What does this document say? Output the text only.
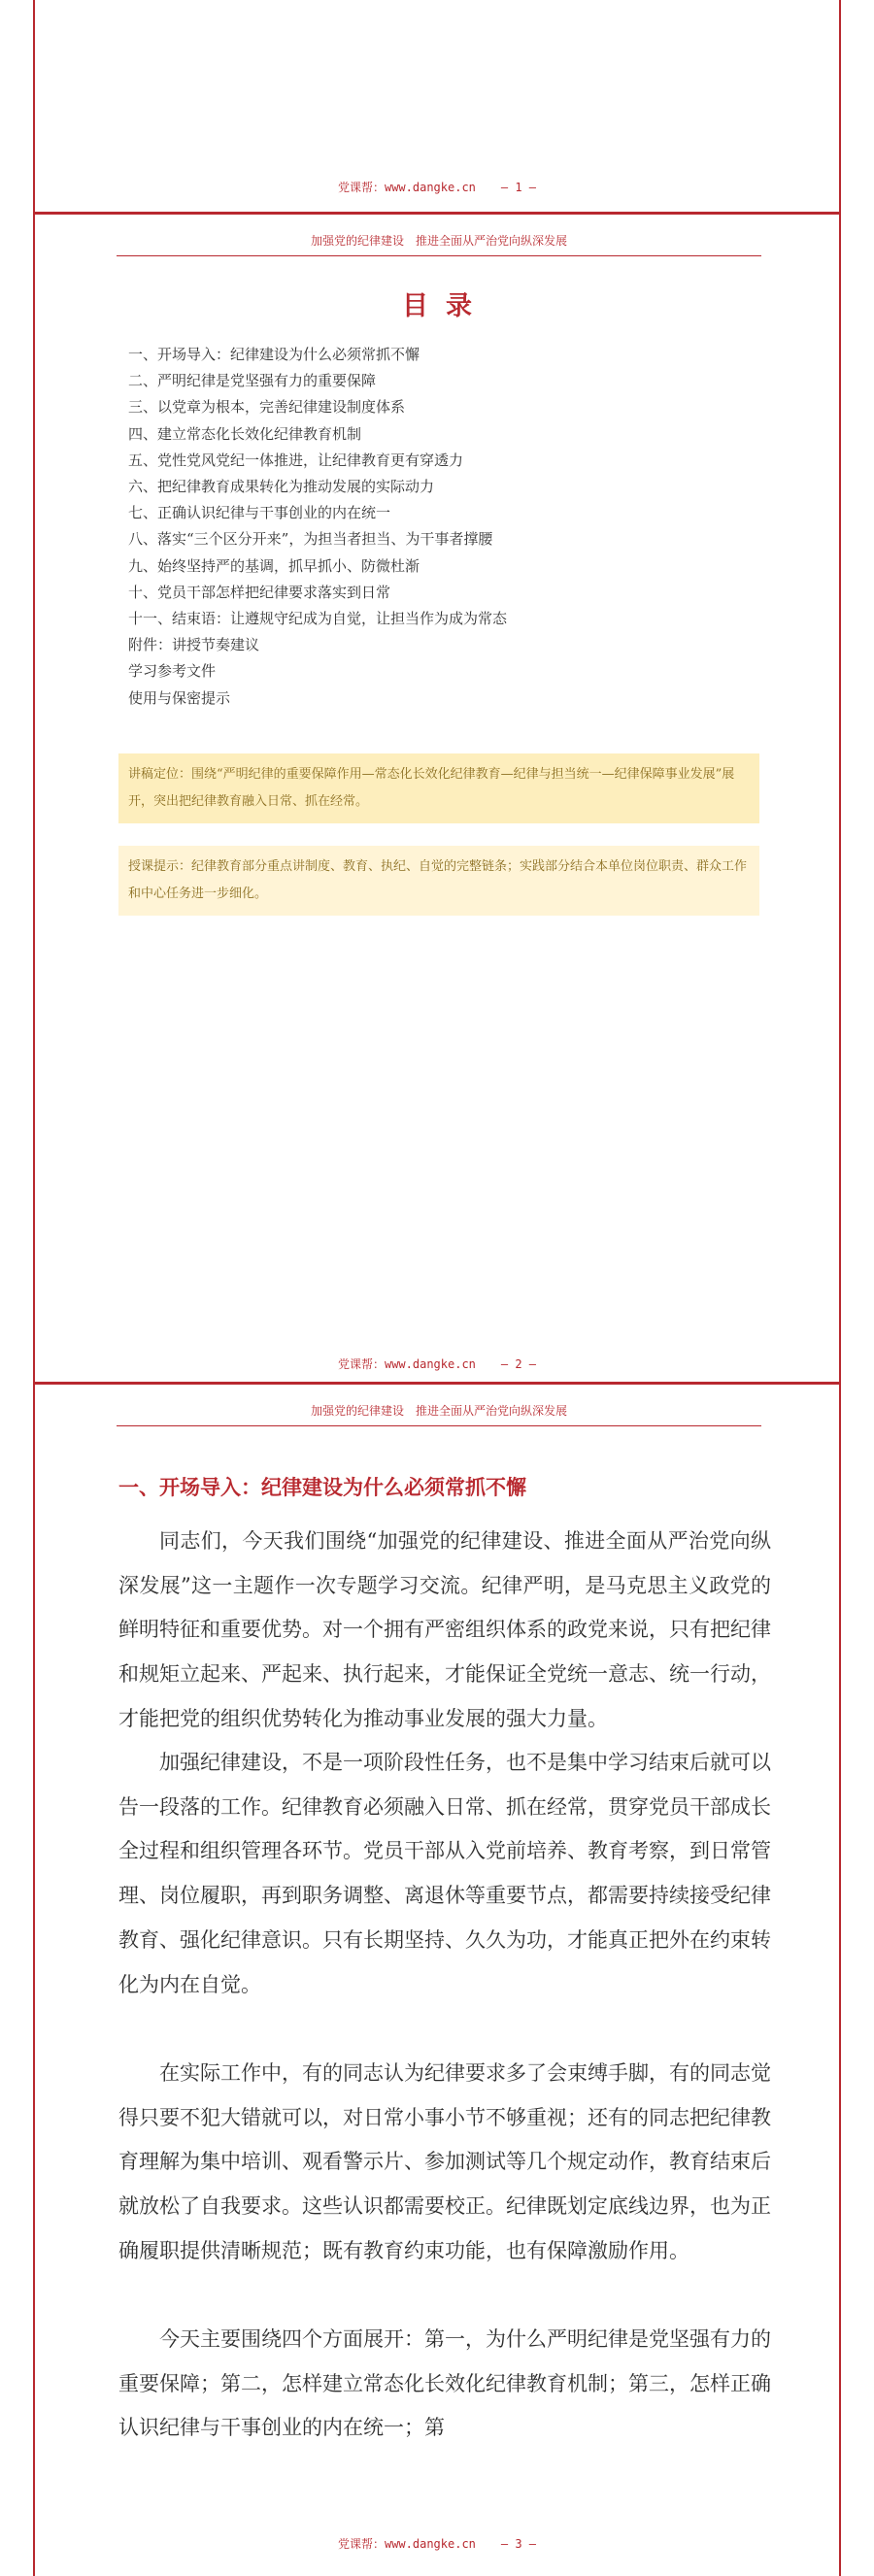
党课帮：www.dangke.cn — 1 —
加强党的纪律建设　推进全面从严治党向纵深发展
目录
一、开场导入：纪律建设为什么必须常抓不懈
二、严明纪律是党坚强有力的重要保障
三、以党章为根本，完善纪律建设制度体系
四、建立常态化长效化纪律教育机制
五、党性党风党纪一体推进，让纪律教育更有穿透力
六、把纪律教育成果转化为推动发展的实际动力
七、正确认识纪律与干事创业的内在统一
八、落实“三个区分开来”，为担当者担当、为干事者撑腰
九、始终坚持严的基调，抓早抓小、防微杜渐
十、党员干部怎样把纪律要求落实到日常
十一、结束语：让遵规守纪成为自觉，让担当作为成为常态
附件：讲授节奏建议
学习参考文件
使用与保密提示
讲稿定位：围绕“严明纪律的重要保障作用—常态化长效化纪律教育—纪律与担当统一—纪律保障事业发展”展开，突出把纪律教育融入日常、抓在经常。
授课提示：纪律教育部分重点讲制度、教育、执纪、自觉的完整链条；实践部分结合本单位岗位职责、群众工作和中心任务进一步细化。
党课帮：www.dangke.cn — 2 —
加强党的纪律建设　推进全面从严治党向纵深发展
一、开场导入：纪律建设为什么必须常抓不懈

同志们，今天我们围绕“加强党的纪律建设、推进全面从严治党向纵深发展”这一主题作一次专题学习交流。纪律严明，是马克思主义政党的鲜明特征和重要优势。对一个拥有严密组织体系的政党来说，只有把纪律和规矩立起来、严起来、执行起来，才能保证全党统一意志、统一行动，才能把党的组织优势转化为推动事业发展的强大力量。

加强纪律建设，不是一项阶段性任务，也不是集中学习结束后就可以告一段落的工作。纪律教育必须融入日常、抓在经常，贯穿党员干部成长全过程和组织管理各环节。党员干部从入党前培养、教育考察，到日常管理、岗位履职，再到职务调整、离退休等重要节点，都需要持续接受纪律教育、强化纪律意识。只有长期坚持、久久为功，才能真正把外在约束转化为内在自觉。

在实际工作中，有的同志认为纪律要求多了会束缚手脚，有的同志觉得只要不犯大错就可以，对日常小事小节不够重视；还有的同志把纪律教育理解为集中培训、观看警示片、参加测试等几个规定动作，教育结束后就放松了自我要求。这些认识都需要校正。纪律既划定底线边界，也为正确履职提供清晰规范；既有教育约束功能，也有保障激励作用。

今天主要围绕四个方面展开：第一，为什么严明纪律是党坚强有力的重要保障；第二，怎样建立常态化长效化纪律教育机制；第三，怎样正确认识纪律与干事创业的内在统一；第

党课帮：www.dangke.cn — 3 —
